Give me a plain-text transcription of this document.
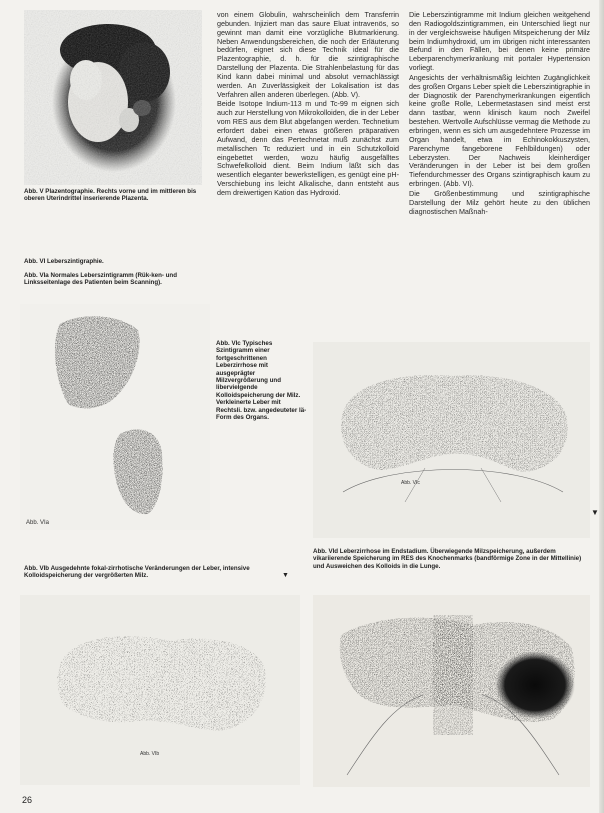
Abb. V Plazentographie. Rechts vorne und im mittleren bis oberen Uterindrittel inserierende Plazenta.
Abb. VI Leberszintigraphie.
Abb. VIa Normales Leberszintigramm (Rük-ken- und Linksseitenlage des Patienten beim Scanning).
Abb. VIa

von einem Globulin, wahrscheinlich dem Transferrin gebunden. Injiziert man das saure Eluat intravenös, so gewinnt man damit eine vorzügliche Blutmarkierung. Neben Anwendungsbereichen, die noch der Erläuterung bedürfen, eignet sich diese Technik ideal für die Plazentographie, d. h. für die szintigraphische Darstellung der Plazenta. Die Strahlenbelastung für das Kind kann dabei minimal und absolut vernachlässigt werden. An Zuverlässigkeit der Lokalisation ist das Verfahren allen anderen überlegen. (Abb. V).

Beide Isotope Indium-113 m und Tc-99 m eignen sich auch zur Herstellung von Mikrokolloiden, die in der Leber vom RES aus dem Blut abgefangen werden. Technetium erfordert dabei einen etwas größeren präparativen Aufwand, denn das Pertechnetat muß zunächst zum metallischen Tc reduziert und in ein Schutzkolloid eingebettet werden, wozu häufig ausgefälltes Schwefelkolloid dient. Beim Indium läßt sich das wesentlich eleganter bewerkstelligen, es genügt eine pH-Verschiebung ins leicht Alkalische, dann entsteht aus dem dreiwertigen Kation das Hydroxid.

Die Leberszintigramme mit Indium gleichen weitgehend den Radiogoldszintigrammen, ein Unterschied liegt nur in der vergleichsweise häufigen Mitspeicherung der Milz beim Indiumhydroxid, um im übrigen nicht interessanten Befund in den Fällen, bei denen keine primäre Leberparenchymerkrankung mit portaler Hypertension vorliegt.

Angesichts der verhältnismäßig leichten Zugänglichkeit des großen Organs Leber spielt die Leberszintigraphie in der Diagnostik der Parenchymerkrankungen eigentlich keine große Rolle, Lebermetastasen sind meist erst dann tastbar, wenn klinisch kaum noch Zweifel bestehen. Wertvolle Aufschlüsse vermag die Methode zu erbringen, wenn es sich um ausgedehntere Prozesse im Organ handelt, etwa im Echinokokkuszysten, Parenchyme fangeborene Fehlbildungen) oder Leberzysten. Der Nachweis kleinherdiger Veränderungen in der Leber ist bei dem großen Tiefendurchmesser des Organs szintigraphisch kaum zu erbringen. (Abb. VI).

Die Größenbestimmung und szintigraphische Darstellung der Milz gehört heute zu den üblichen diagnostischen Maßnah-

Abb. VIc Typisches Szintigramm einer fortgeschrittenen Leberzirrhose mit ausgeprägter Milzvergrößerung und libervielgende Kolloidspeicherung der Milz. Verkleinerte Leber mit Rechtsli. bzw. angedeuteter lä-Form des Organs.
Abb. VIc
▼
Abb. VIb Ausgedehnte fokal-zirrhotische Veränderungen der Leber, intensive Kolloidspeicherung der vergrößerten Milz.	▼
Abb. VId Leberzirrhose im Endstadium. Überwiegende Milzspeicherung, außerdem vikariierende Speicherung im RES des Knochenmarks (bandförmige Zone in der Mittellinie) und Ausweichen des Kolloids in die Lunge.
Abb. VIb
26
